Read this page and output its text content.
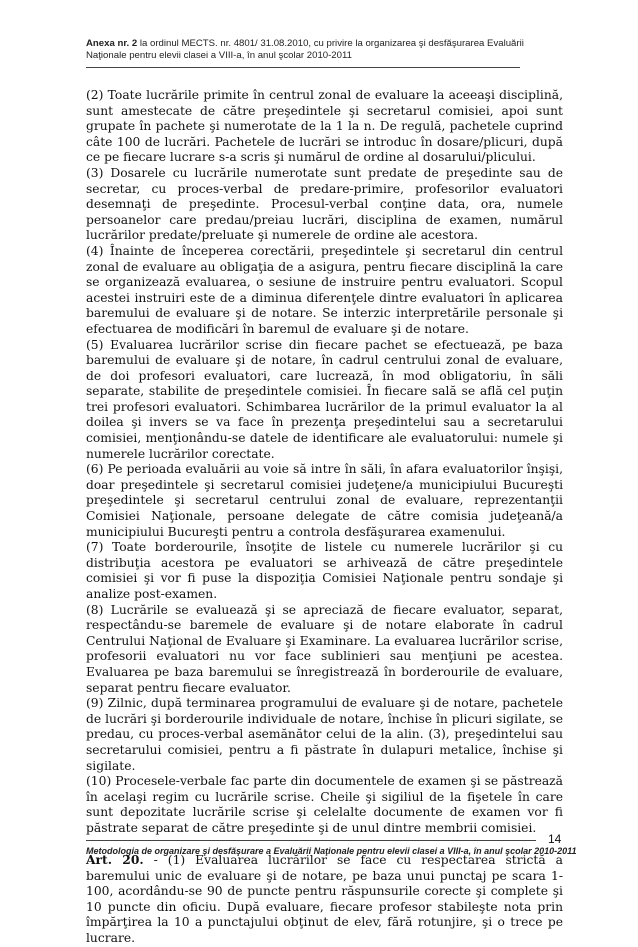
Anexa nr. 2 la ordinul MECTS. nr. 4801/ 31.08.2010, cu privire la organizarea şi desfăşurarea Evaluării Naţionale pentru elevii clasei a VIII-a, în anul şcolar 2010-2011

(2) Toate lucrările primite în centrul zonal de evaluare la aceeaşi disciplină, sunt amestecate de către preşedintele şi secretarul comisiei, apoi sunt grupate în pachete şi numerotate de la 1 la n. De regulă, pachetele cuprind câte 100 de lucrări. Pachetele de lucrări se introduc în dosare/plicuri, după ce pe fiecare lucrare s-a scris şi numărul de ordine al dosarului/plicului.

(3) Dosarele cu lucrările numerotate sunt predate de preşedinte sau de secretar, cu proces-verbal de predare-primire, profesorilor evaluatori desemnaţi de preşedinte. Procesul-verbal conţine data, ora, numele persoanelor care predau/preiau lucrări, disciplina de examen, numărul lucrărilor predate/preluate şi numerele de ordine ale acestora.

(4) Înainte de începerea corectării, preşedintele şi secretarul din centrul zonal de evaluare au obligaţia de a asigura, pentru fiecare disciplină la care se organizează evaluarea, o sesiune de instruire pentru evaluatori. Scopul acestei instruiri este de a diminua diferenţele dintre evaluatori în aplicarea baremului de evaluare şi de notare. Se interzic interpretările personale şi efectuarea de modificări în baremul de evaluare şi de notare.

(5) Evaluarea lucrărilor scrise din fiecare pachet se efectuează, pe baza baremului de evaluare şi de notare, în cadrul centrului zonal de evaluare, de doi profesori evaluatori, care lucrează, în mod obligatoriu, în săli separate, stabilite de preşedintele comisiei. În fiecare sală se află cel puţin trei profesori evaluatori. Schimbarea lucrărilor de la primul evaluator la al doilea şi invers se va face în prezenţa preşedintelui sau a secretarului comisiei, menţionându-se datele de identificare ale evaluatorului: numele şi numerele lucrărilor corectate.

(6) Pe perioada evaluării au voie să intre în săli, în afara evaluatorilor înşişi, doar preşedintele şi secretarul comisiei judeţene/a municipiului Bucureşti preşedintele şi secretarul centrului zonal de evaluare, reprezentanţii Comisiei Naţionale, persoane delegate de către comisia judeţeană/a municipiului Bucureşti pentru a controla desfăşurarea examenului.

(7) Toate borderourile, însoţite de listele cu numerele lucrărilor şi cu distribuţia acestora pe evaluatori se arhivează de către preşedintele comisiei şi vor fi puse la dispoziţia Comisiei Naţionale pentru sondaje şi analize post-examen.

(8) Lucrările se evaluează şi se apreciază de fiecare evaluator, separat, respectându-se baremele de evaluare şi de notare elaborate în cadrul Centrului Naţional de Evaluare şi Examinare. La evaluarea lucrărilor scrise, profesorii evaluatori nu vor face sublinieri sau menţiuni pe acestea. Evaluarea pe baza baremului se înregistrează în borderourile de evaluare, separat pentru fiecare evaluator.

(9) Zilnic, după terminarea programului de evaluare şi de notare, pachetele de lucrări şi borderourile individuale de notare, închise în plicuri sigilate, se predau, cu proces-verbal asemănător celui de la alin. (3), preşedintelui sau secretarului comisiei, pentru a fi păstrate în dulapuri metalice, închise şi sigilate.

(10) Procesele-verbale fac parte din documentele de examen şi se păstrează în acelaşi regim cu lucrările scrise. Cheile şi sigiliul de la fişetele în care sunt depozitate lucrările scrise şi celelalte documente de examen vor fi păstrate separat de către preşedinte şi de unul dintre membrii comisiei.

Art. 20. - (1) Evaluarea lucrărilor se face cu respectarea strictă a baremului unic de evaluare şi de notare, pe baza unui punctaj pe scara 1-100, acordându-se 90 de puncte pentru răspunsurile corecte şi complete şi 10 puncte din oficiu. După evaluare, fiecare profesor stabileşte nota prin împărţirea la 10 a punctajului obţinut de elev, fără rotunjire, şi o trece pe lucrare.

14
Metodologia de organizare şi desfăşurare a Evaluării Naţionale pentru elevii clasei a VIII-a, în anul şcolar 2010-2011
